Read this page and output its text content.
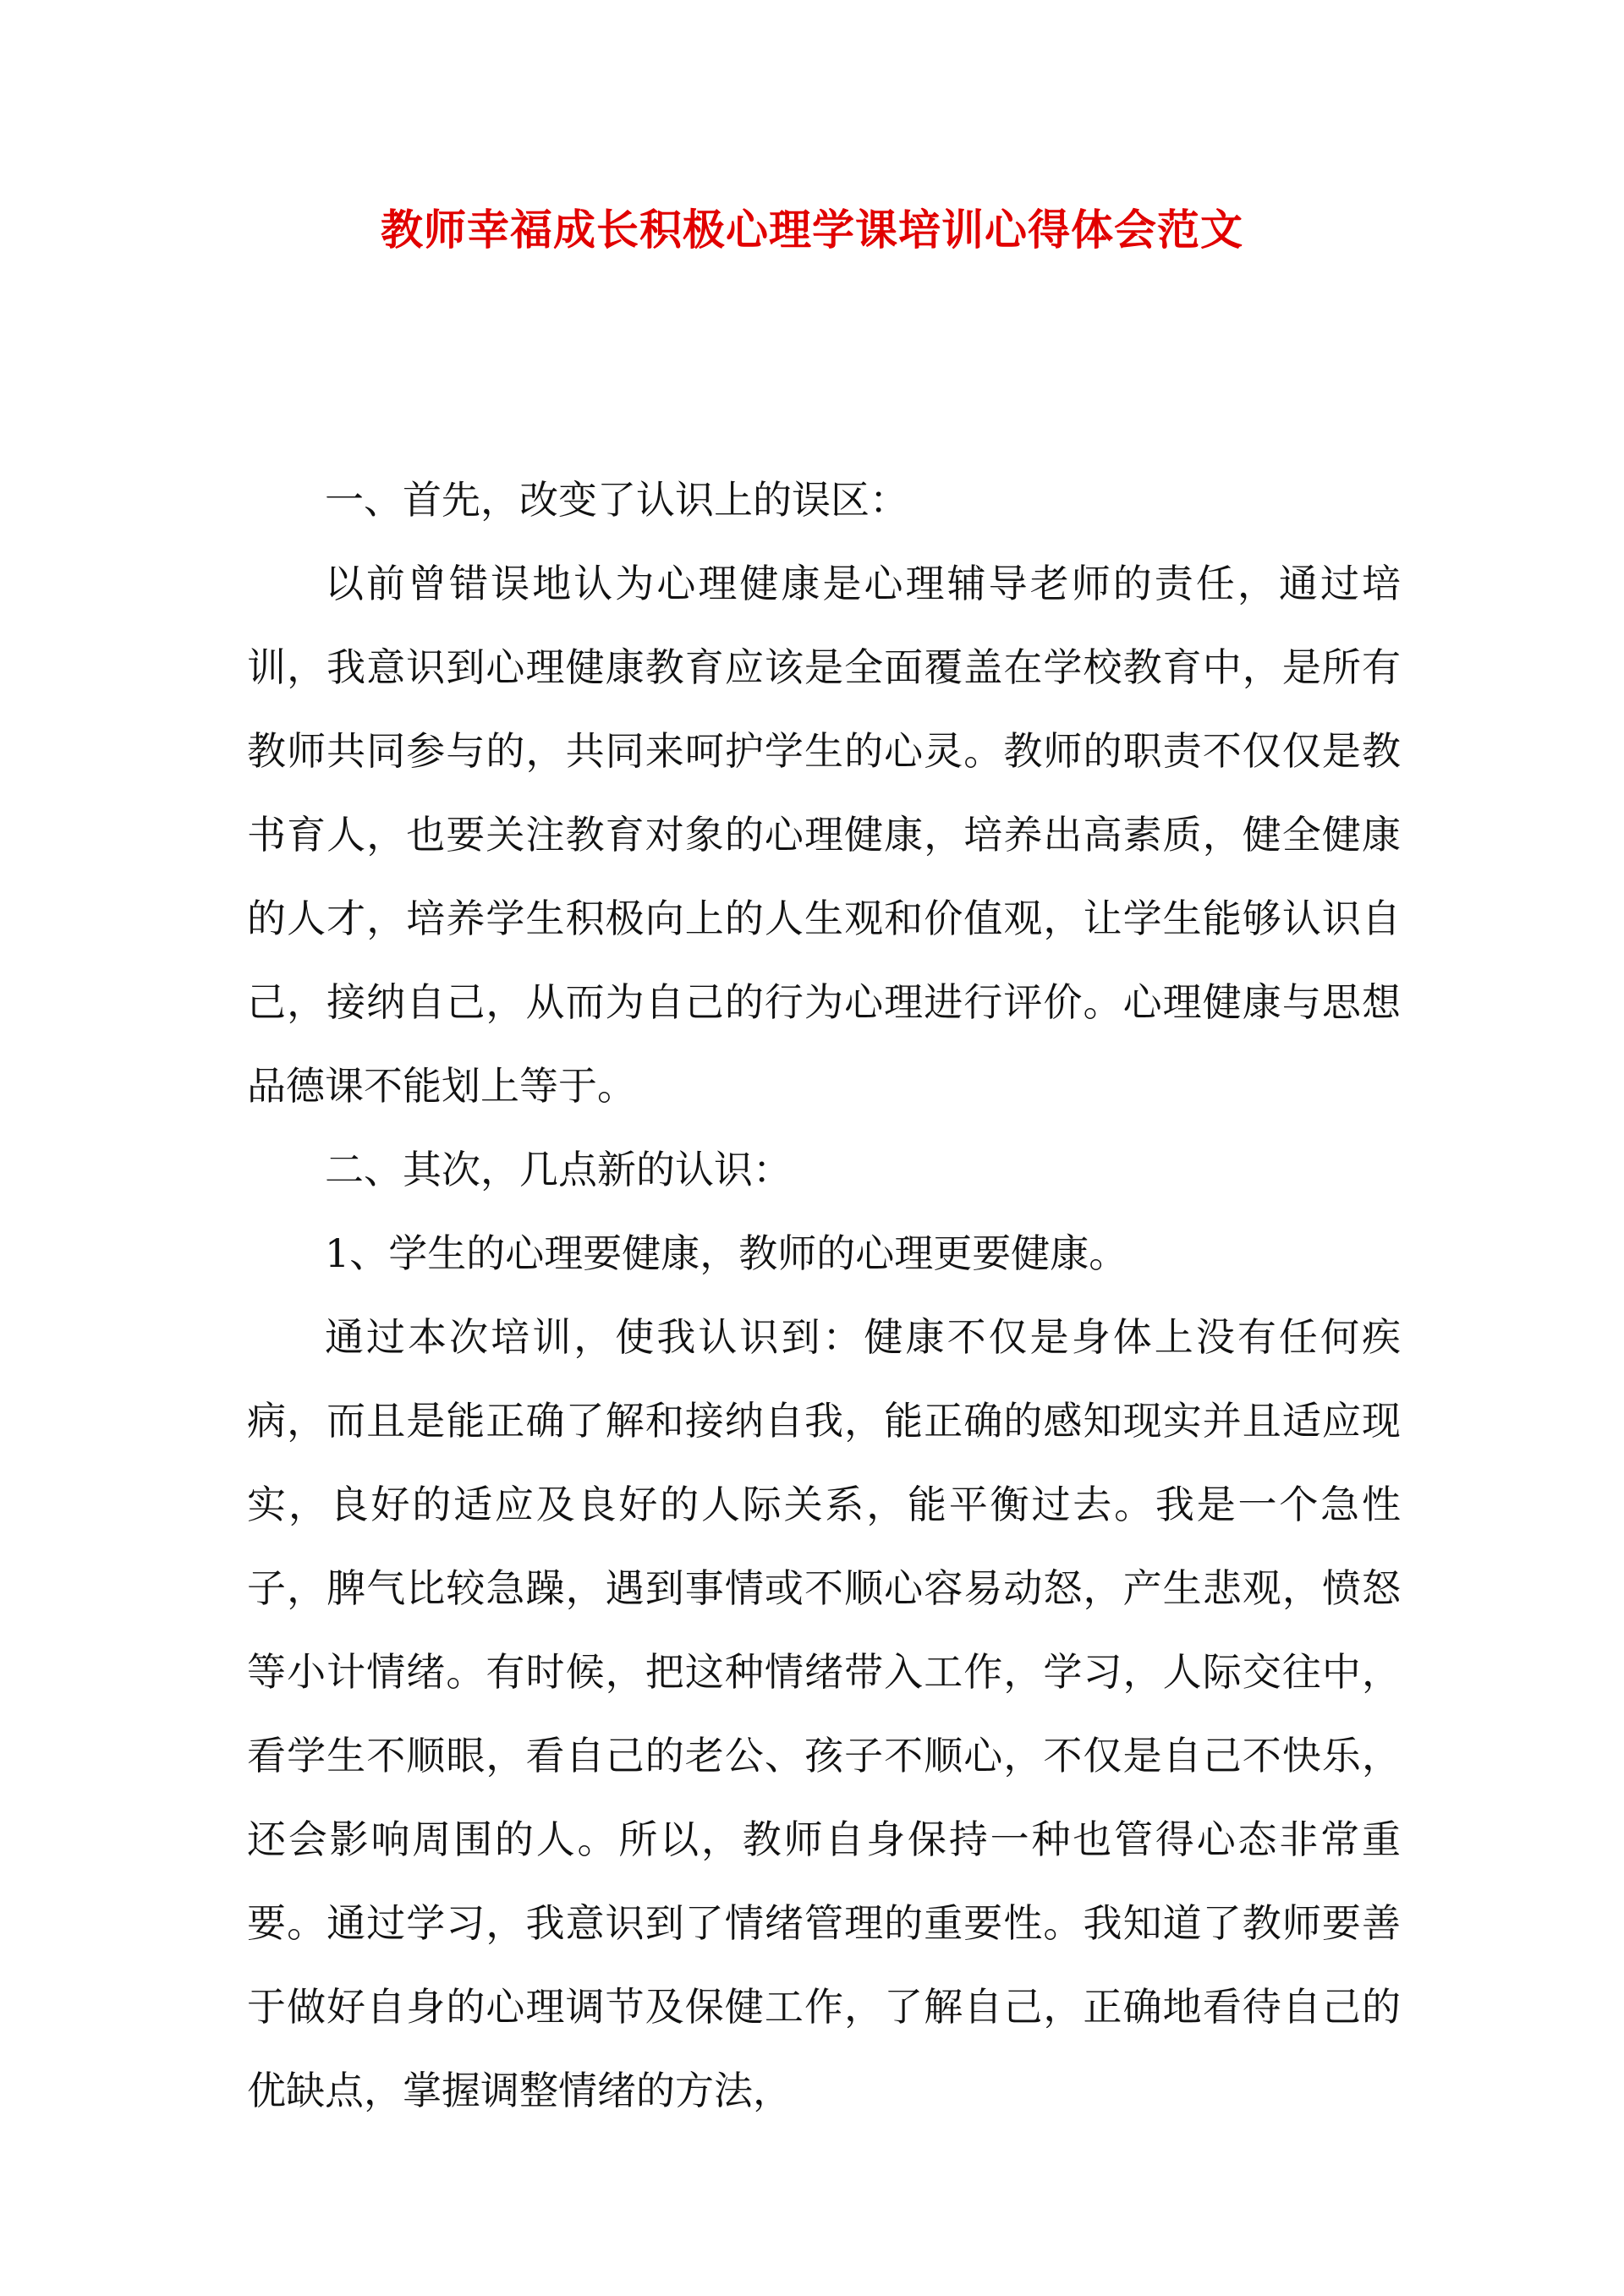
教师幸福成长积极心理学课培训心得体会范文

一、首先，改变了认识上的误区：

以前曾错误地认为心理健康是心理辅导老师的责任，通过培训，我意识到心理健康教育应该是全面覆盖在学校教育中，是所有教师共同参与的，共同来呵护学生的心灵。教师的职责不仅仅是教书育人，也要关注教育对象的心理健康，培养出高素质，健全健康的人才，培养学生积极向上的人生观和价值观，让学生能够认识自己，接纳自己，从而为自己的行为心理进行评价。心理健康与思想品德课不能划上等于。

二、其次，几点新的认识：

1、学生的心理要健康，教师的心理更要健康。

通过本次培训，使我认识到：健康不仅是身体上没有任何疾病，而且是能正确了解和接纳自我，能正确的感知现实并且适应现实，良好的适应及良好的人际关系，能平衡过去。我是一个急性子，脾气比较急躁，遇到事情或不顺心容易动怒，产生悲观，愤怒等小计情绪。有时候，把这种情绪带入工作，学习，人际交往中，看学生不顺眼，看自己的老公、孩子不顺心，不仅是自己不快乐，还会影响周围的人。所以，教师自身保持一种也管得心态非常重要。通过学习，我意识到了情绪管理的重要性。我知道了教师要善于做好自身的心理调节及保健工作，了解自己，正确地看待自己的优缺点，掌握调整情绪的方法，
